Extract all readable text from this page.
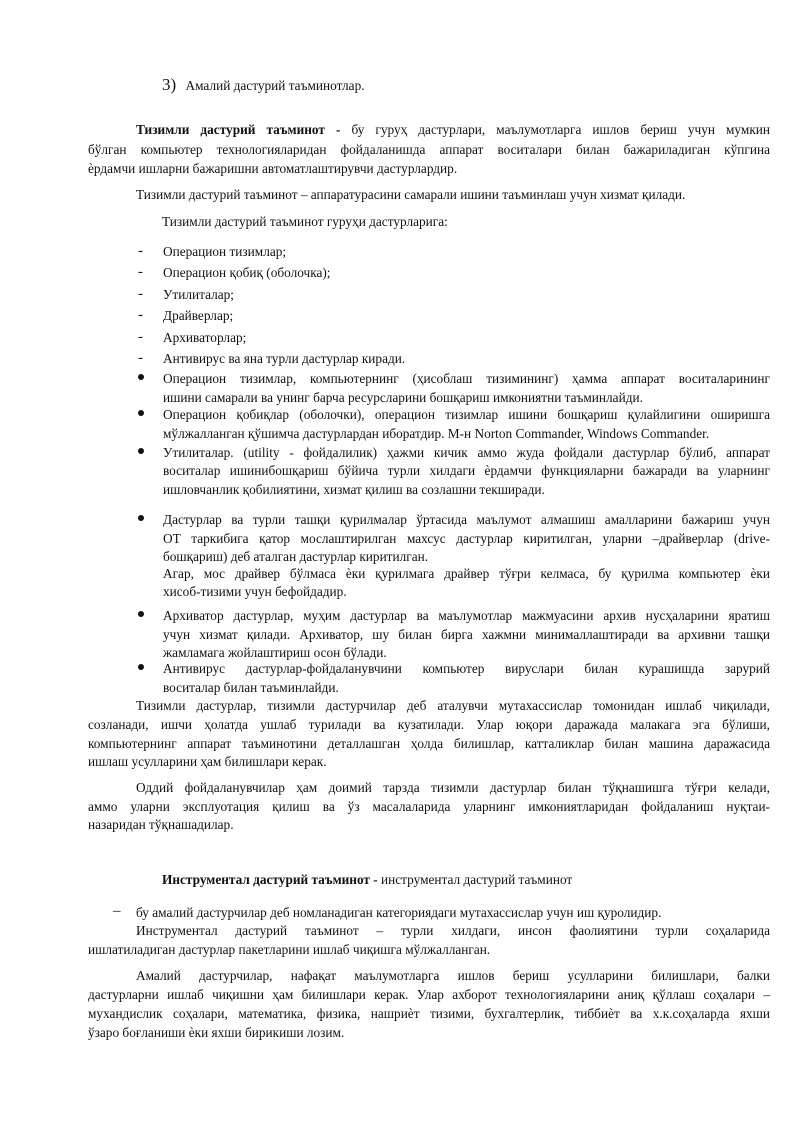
3) Амалий дастурий таъминотлар.
Тизимли дастурий таъминот - бу гуруҳ дастурлари, маълумотларга ишлов бериш учун мумкин
бўлган компьютер технологияларидан фойдаланишда аппарат воситалари билан бажариладиган кўпгина
ѐрдамчи ишларни бажаришни автоматлаштирувчи дастурлардир.
Тизимли дастурий таъминот – аппаратурасини самарали ишини таъминлаш учун хизмат қилади.
Тизимли дастурий таъминот гуруҳи дастурларига:
- Операцион тизимлар;
- Операцион қобиқ (оболочка);
- Утилиталар;
- Драйверлар;
- Архиваторлар;
- Антивирус ва яна турли дастурлар киради.
Операцион тизимлар, компьютернинг (ҳисоблаш тизимининг) ҳамма аппарат воситаларининг
ишини самарали ва унинг барча ресурсларини бошқариш имкониятни таъминлайди.
Операцион қобиқлар (оболочки), операцион тизимлар ишини бошқариш қулайлигини оширишга
мўлжалланган қўшимча дастурлардан иборатдир. М-н Norton Commander, Windows Commander.
Утилиталар. (utility - фойдалилик) ҳажми кичик аммо жуда фойдали дастурлар бўлиб, аппарат
воситалар ишинибошқариш бўйича турли хилдаги ѐрдамчи функцияларни бажаради ва уларнинг
ишловчанлик қобилиятини, хизмат қилиш ва созлашни текширади.
Дастурлар ва турли ташқи қурилмалар ўртасида маълумот алмашиш амалларини бажариш учун
ОТ таркибига қатор мослаштирилган махсус дастурлар киритилган, уларни –драйверлар (drive-
бошқариш) деб аталган дастурлар киритилган.
Агар, мос драйвер бўлмаса ѐки қурилмага драйвер тўғри келмаса, бу қурилма компьютер ѐки
хисоб-тизими учун бефойдадир.
Архиватор дастурлар, муҳим дастурлар ва маълумотлар мажмуасини архив нусҳаларини яратиш
учун хизмат қилади. Архиватор, шу билан бирга хажмни минималлаштиради ва архивни ташқи
жамламага жойлаштириш осон бўлади.
Антивирус дастурлар-фойдаланувчини компьютер вируслари билан курашишда зарурий
воситалар билан таъминлайди.
Тизимли дастурлар, тизимли дастурчилар деб аталувчи мутахассислар томонидан ишлаб чиқилади,
созланади, ишчи ҳолатда ушлаб турилади ва кузатилади. Улар юқори даражада малакага эга бўлиши,
компьютернинг аппарат таъминотини деталлашган ҳолда билишлар, катталиклар билан машина даражасида
ишлаш усулларини ҳам билишлари керак.
Оддий фойдаланувчилар ҳам доимий тарзда тизимли дастурлар билан тўқнашишга тўғри келади,
аммо уларни эксплуотация қилиш ва ўз масалаларида уларнинг имкониятларидан фойдаланиш нуқтаи-
назаридан тўқнашадилар.
Инструментал дастурий таъминот - инструментал дастурий таъминот
– бу амалий дастурчилар деб номланадиган категориядаги мутахассислар учун иш қуролидир.
Инструментал дастурий таъминот – турли хилдаги, инсон фаолиятини турли соҳаларида
ишлатиладиган дастурлар пакетларини ишлаб чиқишга мўлжалланган.
Амалий дастурчилар, нафақат маълумотларга ишлов бериш усулларини билишлари, балки
дастурларни ишлаб чиқишни ҳам билишлари керак. Улар ахборот технологияларини аниқ қўллаш соҳалари –
мухандислик соҳалари, математика, физика, нашриѐт тизими, бухгалтерлик, тиббиѐт ва х.к.соҳаларда яхши
ўзаро боғланиши ѐки яхши бирикиши лозим.
